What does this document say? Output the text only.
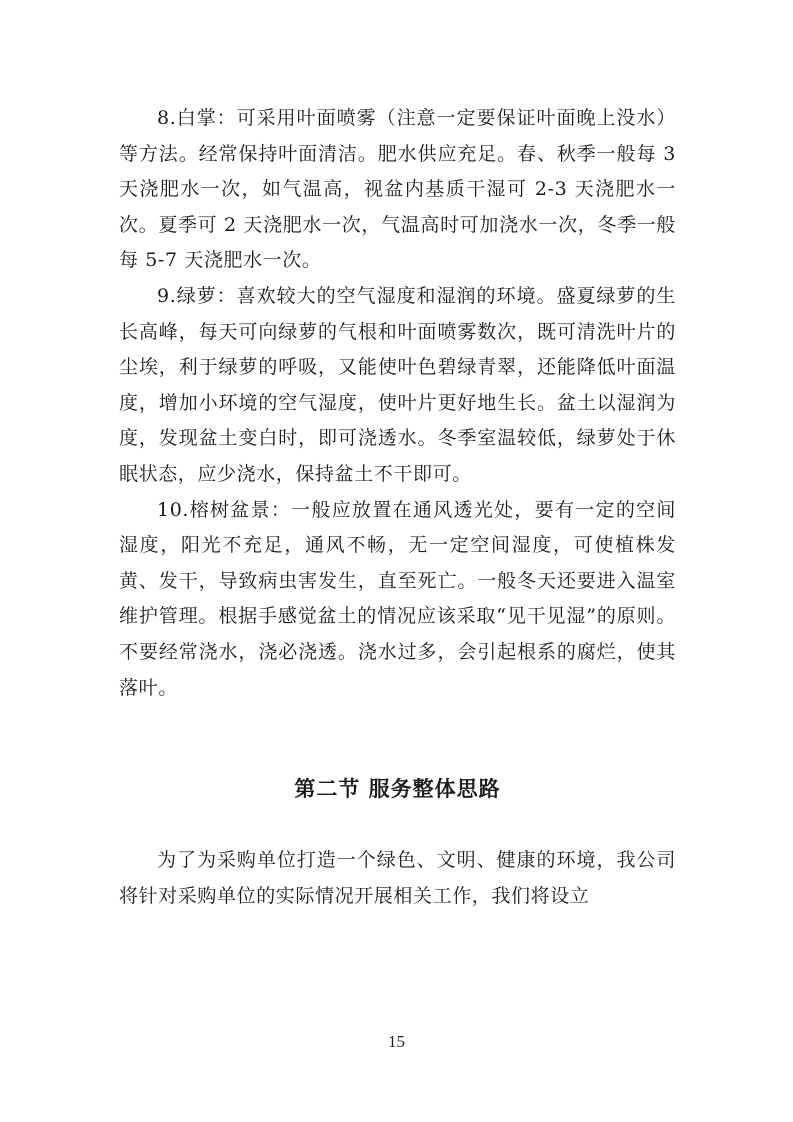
8.白掌：可采用叶面喷雾（注意一定要保证叶面晚上没水）等方法。经常保持叶面清洁。肥水供应充足。春、秋季一般每 3 天浇肥水一次，如气温高，视盆内基质干湿可 2-3 天浇肥水一次。夏季可 2 天浇肥水一次，气温高时可加浇水一次，冬季一般每 5-7 天浇肥水一次。

9.绿萝：喜欢较大的空气湿度和湿润的环境。盛夏绿萝的生长高峰，每天可向绿萝的气根和叶面喷雾数次，既可清洗叶片的尘埃，利于绿萝的呼吸，又能使叶色碧绿青翠，还能降低叶面温度，增加小环境的空气湿度，使叶片更好地生长。盆土以湿润为度，发现盆土变白时，即可浇透水。冬季室温较低，绿萝处于休眠状态，应少浇水，保持盆土不干即可。

10.榕树盆景：一般应放置在通风透光处，要有一定的空间湿度，阳光不充足，通风不畅，无一定空间湿度，可使植株发黄、发干，导致病虫害发生，直至死亡。一般冬天还要进入温室维护管理。根据手感觉盆土的情况应该采取“见干见湿”的原则。不要经常浇水，浇必浇透。浇水过多，会引起根系的腐烂，使其落叶。

第二节 服务整体思路

为了为采购单位打造一个绿色、文明、健康的环境，我公司将针对采购单位的实际情况开展相关工作，我们将设立

15
